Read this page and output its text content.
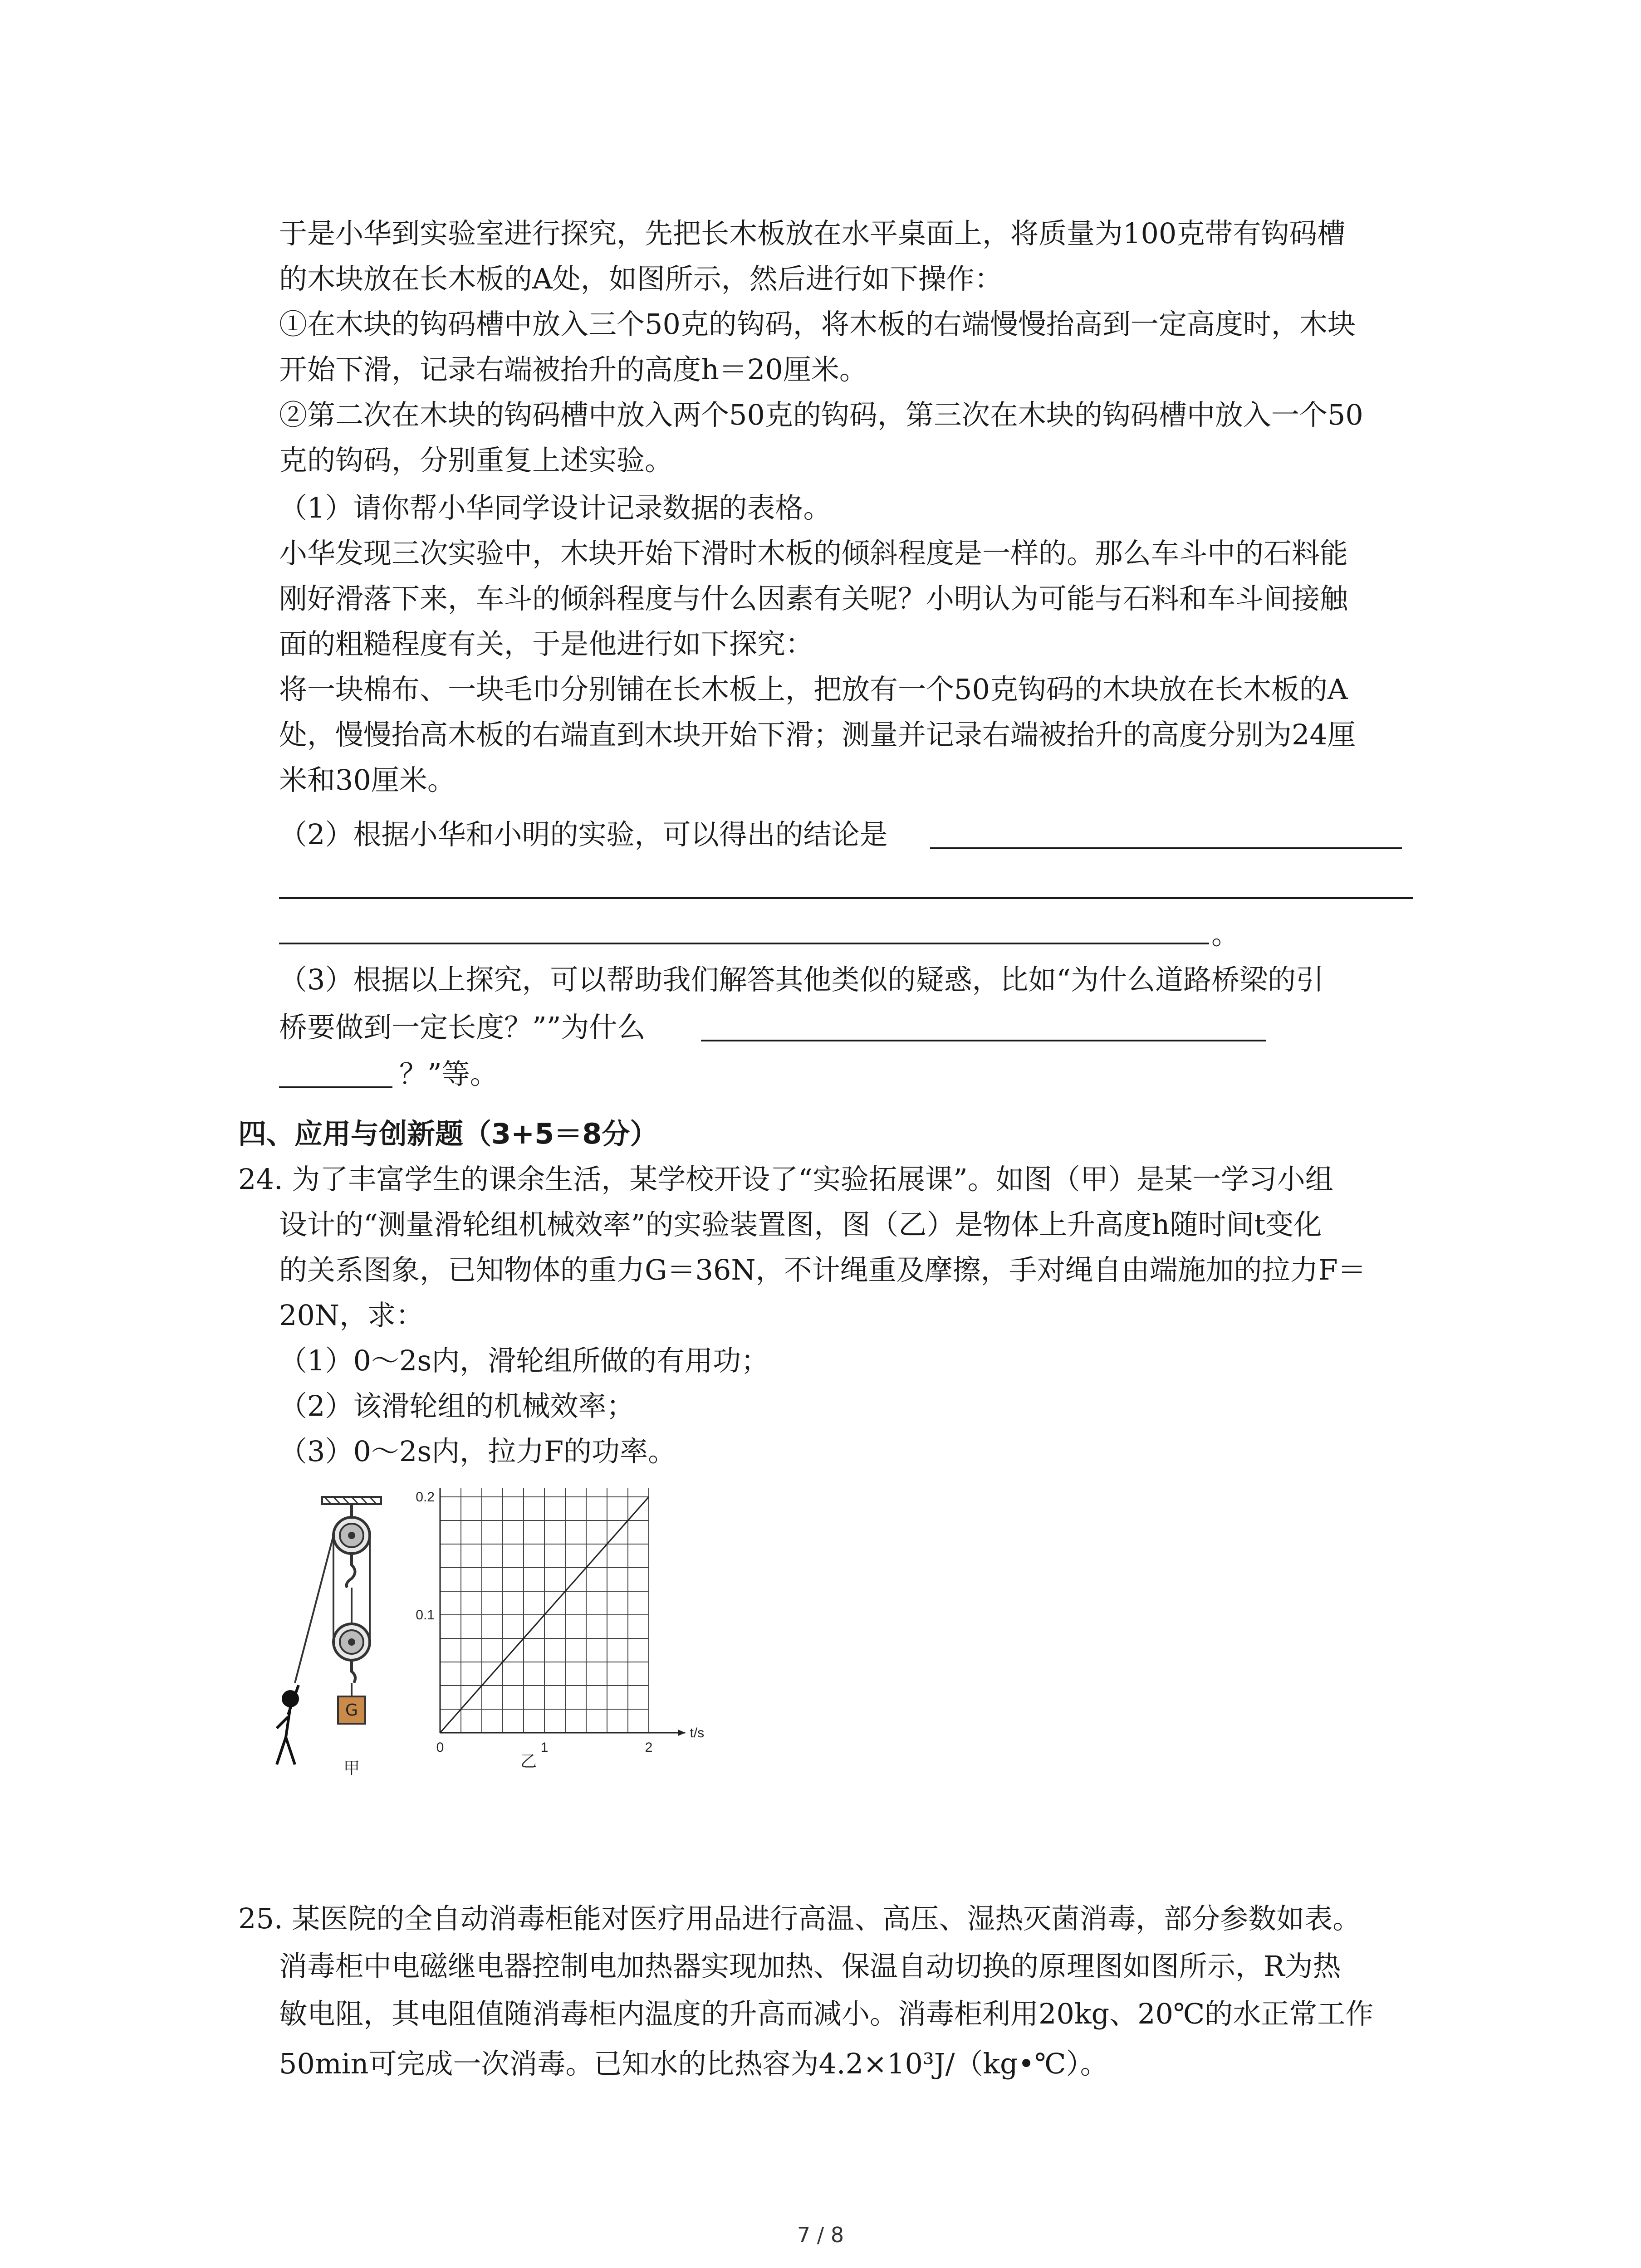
于是小华到实验室进行探究，先把长木板放在水平桌面上，将质量为100克带有钩码槽
的木块放在长木板的A处，如图所示，然后进行如下操作：
①在木块的钩码槽中放入三个50克的钩码，将木板的右端慢慢抬高到一定高度时，木块
开始下滑，记录右端被抬升的高度h＝20厘米。
②第二次在木块的钩码槽中放入两个50克的钩码，第三次在木块的钩码槽中放入一个50
克的钩码，分别重复上述实验。
（1）请你帮小华同学设计记录数据的表格。
小华发现三次实验中，木块开始下滑时木板的倾斜程度是一样的。那么车斗中的石料能
刚好滑落下来，车斗的倾斜程度与什么因素有关呢？小明认为可能与石料和车斗间接触
面的粗糙程度有关，于是他进行如下探究：
将一块棉布、一块毛巾分别铺在长木板上，把放有一个50克钩码的木块放在长木板的A
处，慢慢抬高木板的右端直到木块开始下滑；测量并记录右端被抬升的高度分别为24厘
米和30厘米。
（2）根据小华和小明的实验，可以得出的结论是
。
（3）根据以上探究，可以帮助我们解答其他类似的疑惑，比如“为什么道路桥梁的引
桥要做到一定长度？””为什么
？”等。
四、应用与创新题（3+5＝8分）
24. 为了丰富学生的课余生活，某学校开设了“实验拓展课”。如图（甲）是某一学习小组
设计的“测量滑轮组机械效率”的实验装置图，图（乙）是物体上升高度h随时间t变化
的关系图象，已知物体的重力G＝36N，不计绳重及摩擦，手对绳自由端施加的拉力F＝
20N，求：
（1）0～2s内，滑轮组所做的有用功；
（2）该滑轮组的机械效率；
（3）0～2s内，拉力F的功率。
G
甲
0	1	2
0.1
0.2
t/s
乙
25. 某医院的全自动消毒柜能对医疗用品进行高温、高压、湿热灭菌消毒，部分参数如表。
消毒柜中电磁继电器控制电加热器实现加热、保温自动切换的原理图如图所示，R为热
敏电阻，其电阻值随消毒柜内温度的升高而减小。消毒柜利用20kg、20℃的水正常工作
50min可完成一次消毒。已知水的比热容为4.2×10³J/（kg•℃）。
7 / 8
